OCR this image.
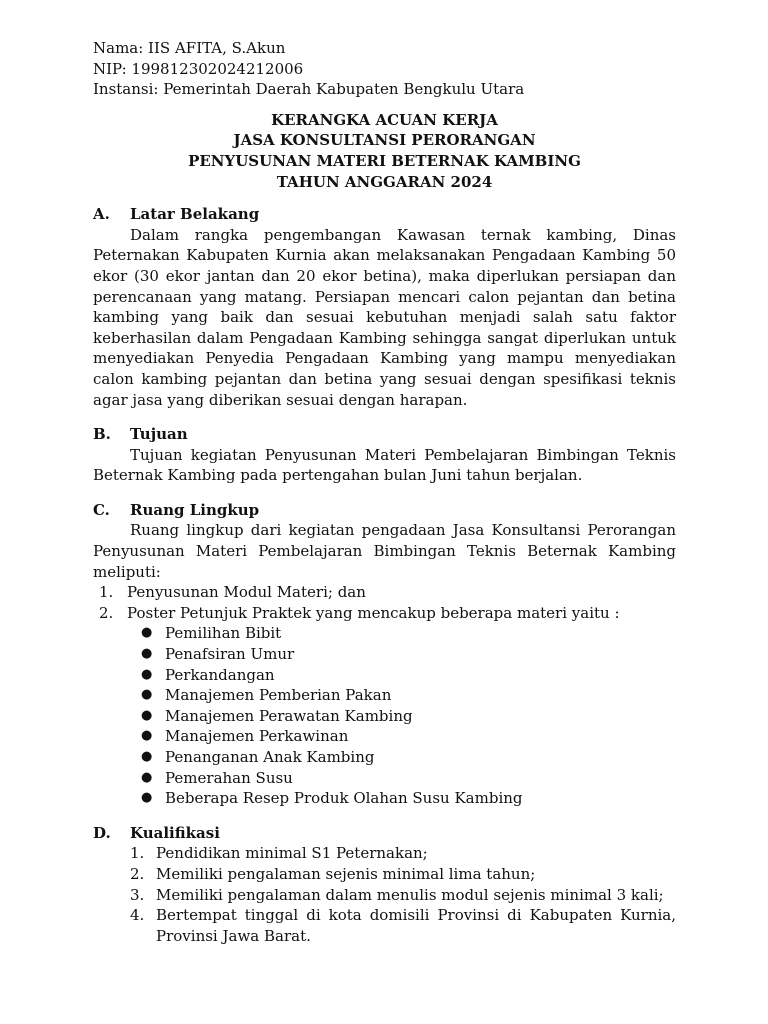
Nama: IIS AFITA, S.Akun
NIP: 199812302024212006
Instansi: Pemerintah Daerah Kabupaten Bengkulu Utara
KERANGKA ACUAN KERJA
JASA KONSULTANSI PERORANGAN
PENYUSUNAN MATERI BETERNAK KAMBING
TAHUN ANGGARAN 2024
A.	Latar Belakang
Dalam rangka pengembangan Kawasan ternak kambing, Dinas Peternakan Kabupaten Kurnia akan melaksanakan Pengadaan Kambing 50 ekor (30 ekor jantan dan 20 ekor betina), maka diperlukan persiapan dan perencanaan yang matang. Persiapan mencari calon pejantan dan betina kambing yang baik dan sesuai kebutuhan menjadi salah satu faktor keberhasilan dalam Pengadaan Kambing sehingga sangat diperlukan untuk menyediakan Penyedia Pengadaan Kambing yang mampu menyediakan calon kambing pejantan dan betina yang sesuai dengan spesifikasi teknis agar jasa yang diberikan sesuai dengan harapan.
B.	Tujuan
Tujuan kegiatan Penyusunan Materi Pembelajaran Bimbingan Teknis Beternak Kambing pada pertengahan bulan Juni tahun berjalan.
C.	Ruang Lingkup
Ruang lingkup dari kegiatan pengadaan Jasa Konsultansi Perorangan Penyusunan Materi Pembelajaran Bimbingan Teknis Beternak Kambing meliputi:
1. Penyusunan Modul Materi; dan
2. Poster Petunjuk Praktek yang mencakup beberapa materi yaitu :
● Pemilihan Bibit
● Penafsiran Umur
● Perkandangan
● Manajemen Pemberian Pakan
● Manajemen Perawatan Kambing
● Manajemen Perkawinan
● Penanganan Anak Kambing
● Pemerahan Susu
● Beberapa Resep Produk Olahan Susu Kambing
D.	Kualifikasi
1. Pendidikan minimal S1 Peternakan;
2. Memiliki pengalaman sejenis minimal lima tahun;
3. Memiliki pengalaman dalam menulis modul sejenis minimal 3 kali;
4. Bertempat tinggal di kota domisili Provinsi di Kabupaten Kurnia, Provinsi Jawa Barat.
